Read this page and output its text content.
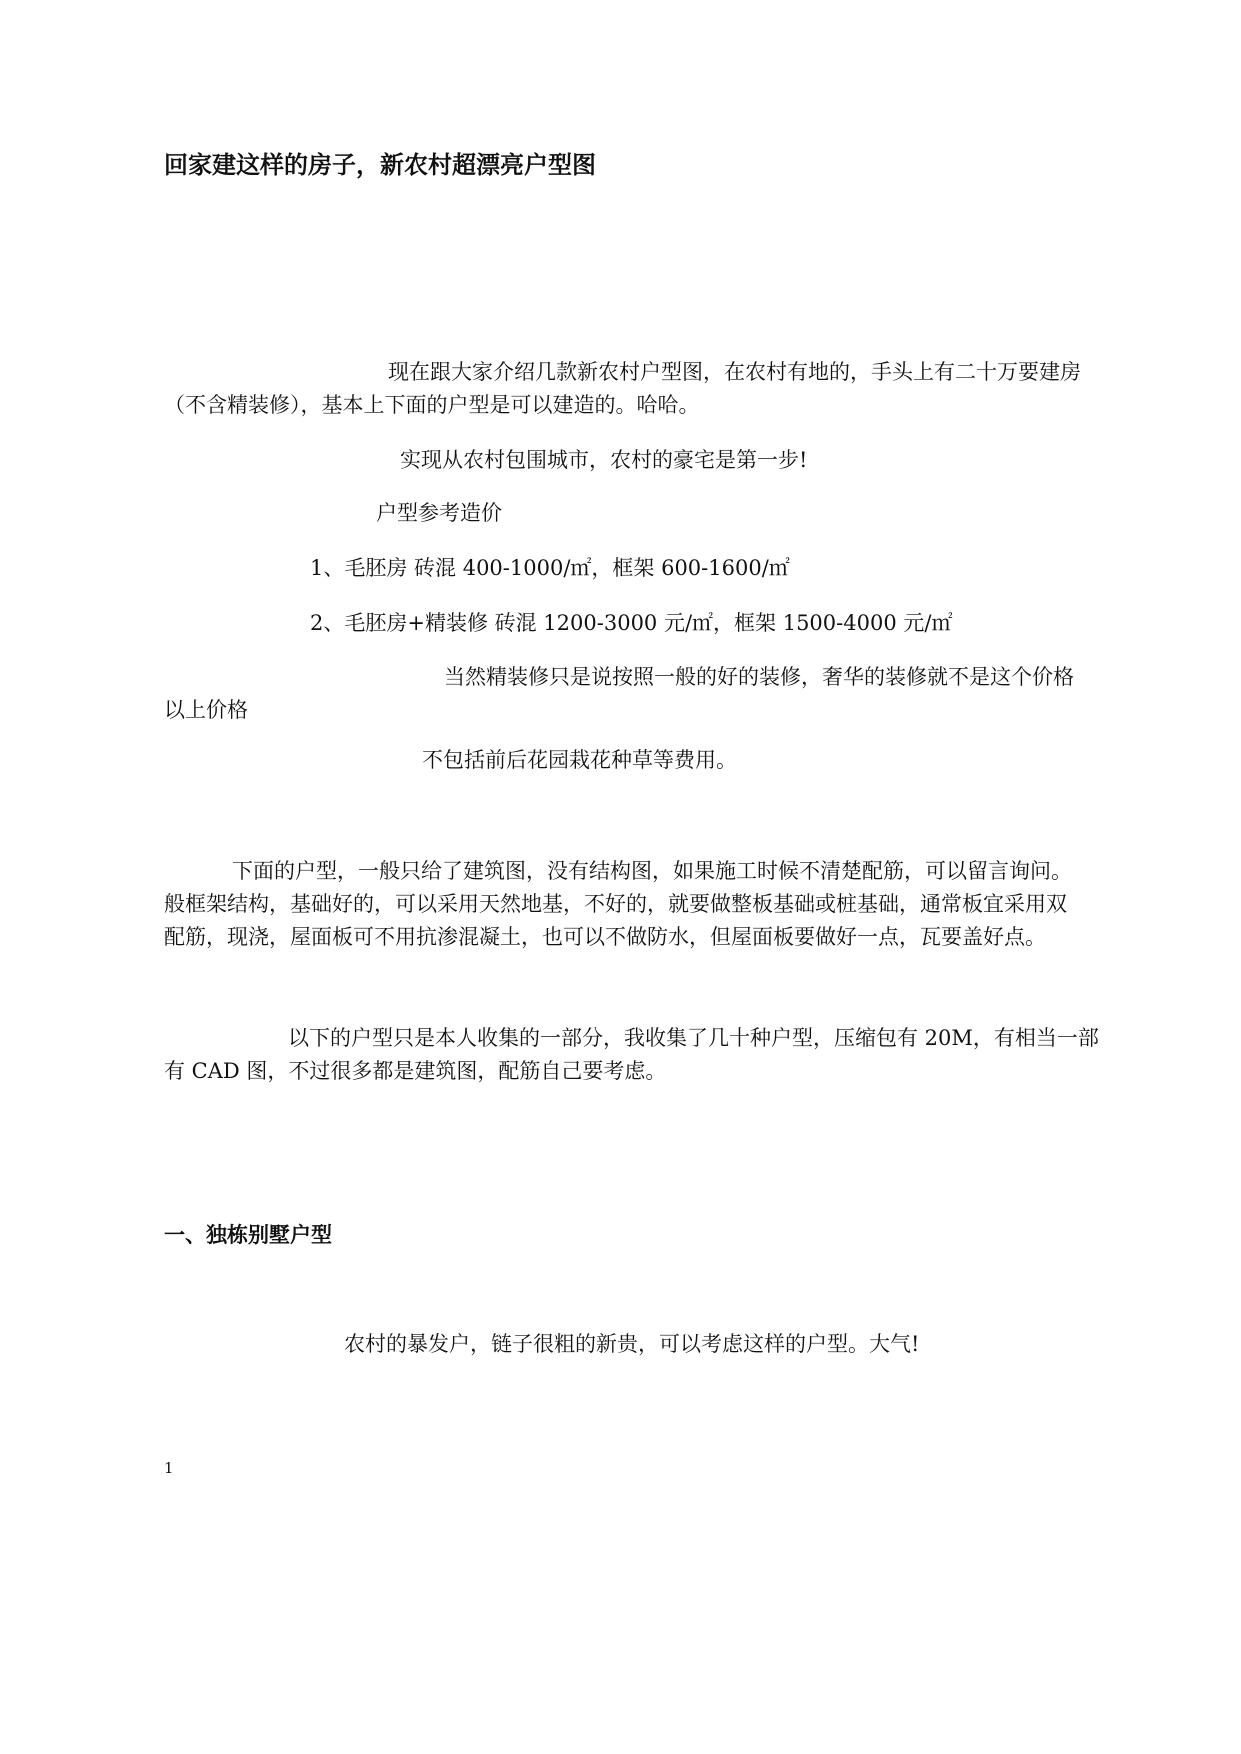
回家建这样的房子，新农村超漂亮户型图
现在跟大家介绍几款新农村户型图，在农村有地的，手头上有二十万要建房
（不含精装修），基本上下面的户型是可以建造的。哈哈。
实现从农村包围城市，农村的豪宅是第一步!
户型参考造价
1、毛胚房 砖混 400-1000/㎡，框架 600-1600/㎡
2、毛胚房+精装修 砖混 1200-3000 元/㎡，框架 1500-4000 元/㎡
当然精装修只是说按照一般的好的装修，奢华的装修就不是这个价格
以上价格
不包括前后花园栽花种草等费用。
下面的户型，一般只给了建筑图，没有结构图，如果施工时候不清楚配筋，可以留言询问。
般框架结构，基础好的，可以采用天然地基，不好的，就要做整板基础或桩基础，通常板宜采用双
配筋，现浇，屋面板可不用抗渗混凝土，也可以不做防水，但屋面板要做好一点，瓦要盖好点。
以下的户型只是本人收集的一部分，我收集了几十种户型，压缩包有 20M，有相当一部
有 CAD 图，不过很多都是建筑图，配筋自己要考虑。
一、独栋别墅户型
农村的暴发户，链子很粗的新贵，可以考虑这样的户型。大气!
1
